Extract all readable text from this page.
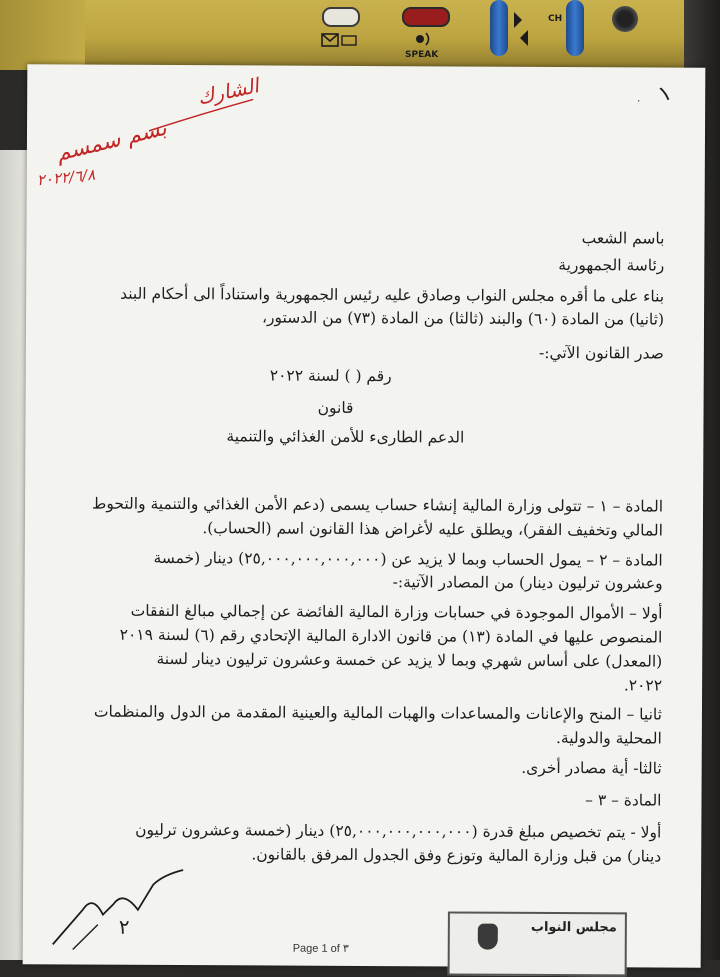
SPEAK
CH
الشارك
بسم سمسم
٢٠٢٢/٦/٨
١
.
باسم الشعب
رئاسة الجمهورية
بناء على ما أقره مجلس النواب وصادق عليه رئيس الجمهورية واستناداً الى أحكام البند
(ثانيا) من المادة (٦٠) والبند (ثالثا) من المادة (٧٣) من الدستور،
صدر القانون الآتي:-
رقم ( ) لسنة ٢٠٢٢
قانون
الدعم الطارىء للأمن الغذائي والتنمية
المادة – ١ – تتولى وزارة المالية إنشاء حساب يسمى (دعم الأمن الغذائي والتنمية والتحوط
المالي وتخفيف الفقر)، ويطلق عليه لأغراض هذا القانون اسم (الحساب).
المادة – ٢ – يمول الحساب وبما لا يزيد عن (٢٥,٠٠٠,٠٠٠,٠٠٠,٠٠٠) دينار (خمسة
وعشرون ترليون دينار) من المصادر الآتية:-
أولا – الأموال الموجودة في حسابات وزارة المالية الفائضة عن إجمالي مبالغ النفقات
المنصوص عليها في المادة (١٣) من قانون الادارة المالية الإتحادي رقم (٦) لسنة ٢٠١٩
(المعدل) على أساس شهري وبما لا يزيد عن خمسة وعشرون ترليون دينار لسنة
٢٠٢٢.
ثانيا – المنح والإعانات والمساعدات والهبات المالية والعينية المقدمة من الدول والمنظمات
المحلية والدولية.
ثالثا- أية مصادر أخرى.
المادة – ٣ –
أولا - يتم تخصيص مبلغ قدرة (٢٥,٠٠٠,٠٠٠,٠٠٠,٠٠٠) دينار (خمسة وعشرون ترليون
دينار) من قبل وزارة المالية وتوزع وفق الجدول المرفق بالقانون.
٢
Page 1 of ٣
مجلس النواب
